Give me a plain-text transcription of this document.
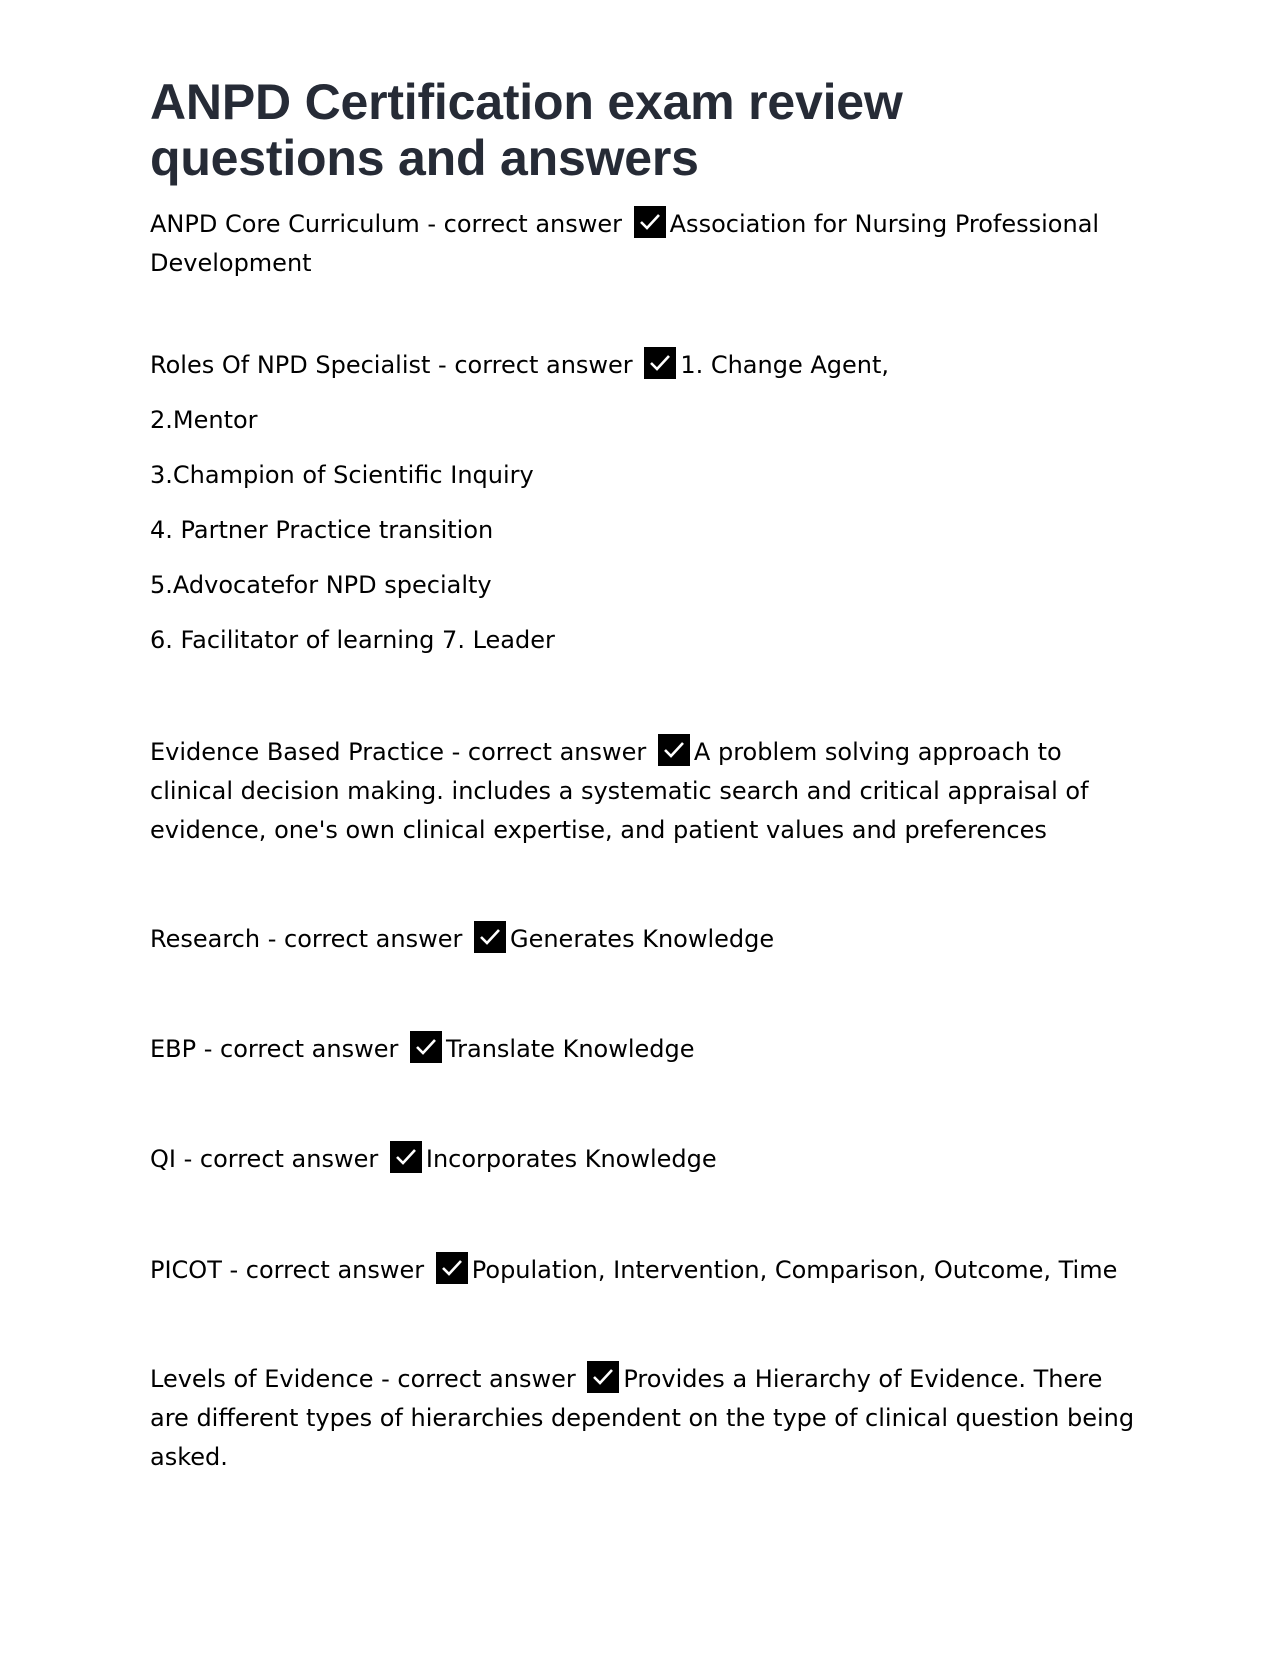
ANPD Certification exam review questions and answers

ANPD Core Curriculum - correct answer
Association for Nursing Professional Development

Roles Of NPD Specialist - correct answer
1. Change Agent,

2.Mentor

3.Champion of Scientific Inquiry

4. Partner Practice transition

5.Advocatefor NPD specialty

6. Facilitator of learning 7. Leader

Evidence Based Practice - correct answer
A problem solving approach to clinical decision making. includes a systematic search and critical appraisal of evidence, one's own clinical expertise, and patient values and preferences

Research - correct answer
Generates Knowledge

EBP - correct answer
Translate Knowledge

QI - correct answer
Incorporates Knowledge

PICOT - correct answer
Population, Intervention, Comparison, Outcome, Time

Levels of Evidence - correct answer
Provides a Hierarchy of Evidence. There are different types of hierarchies dependent on the type of clinical question being asked.
